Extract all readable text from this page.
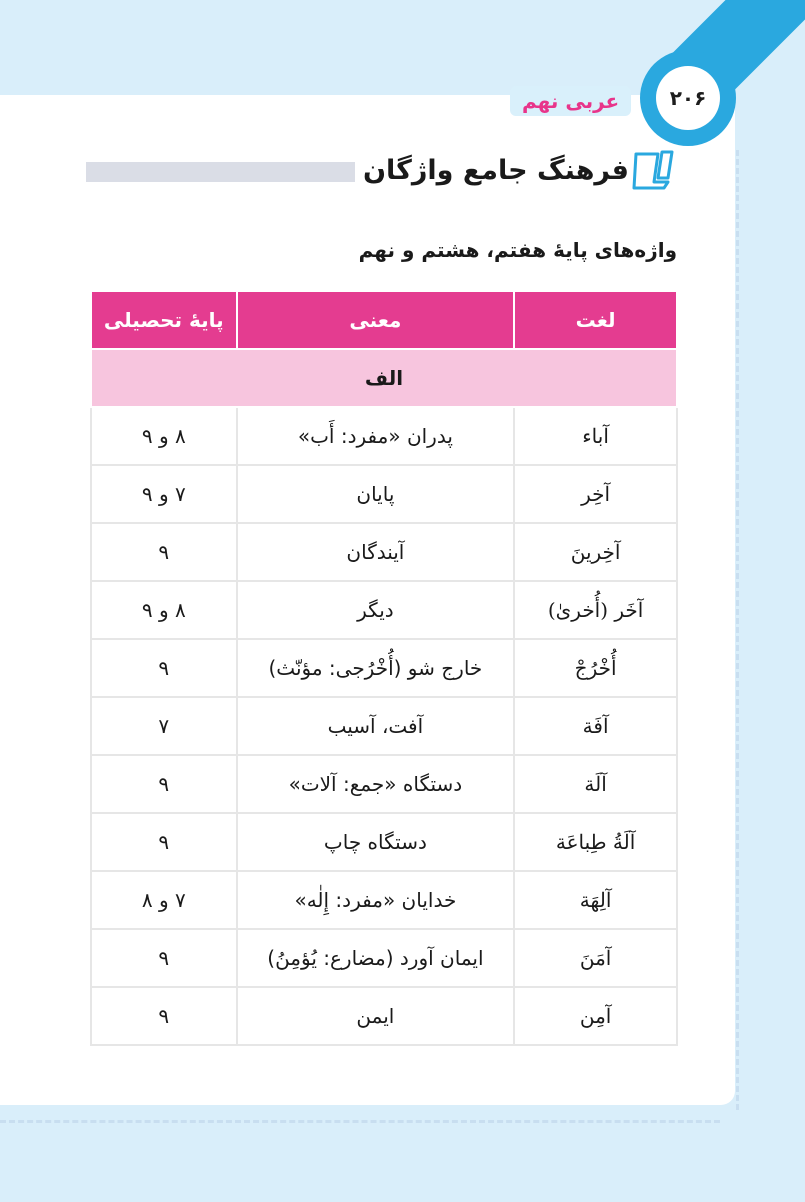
۲۰۶
عربی نهم
فرهنگ جامع واژگان
واژه‌های پایهٔ هفتم، هشتم و نهم
لغت	معنی	پایهٔ تحصیلی
الف		
آباء	پدران «مفرد: أَب»	۸ و ۹
آخِر	پایان	۷ و ۹
آخِرينَ	آیندگان	۹
آخَر (أُخرىٰ)	دیگر	۸ و ۹
أُخْرُجْ	خارج شو (أُخْرُجی: مؤنّث)	۹
آفَة	آفت، آسیب	۷
آلَة	دستگاه «جمع: آلات»	۹
آلَةُ طِباعَة	دستگاه چاپ	۹
آلِهَة	خدایان «مفرد: إِلٰه»	۷ و ۸
آمَنَ	ایمان آورد (مضارع: يُؤمِنُ)	۹
آمِن	ایمن	۹
